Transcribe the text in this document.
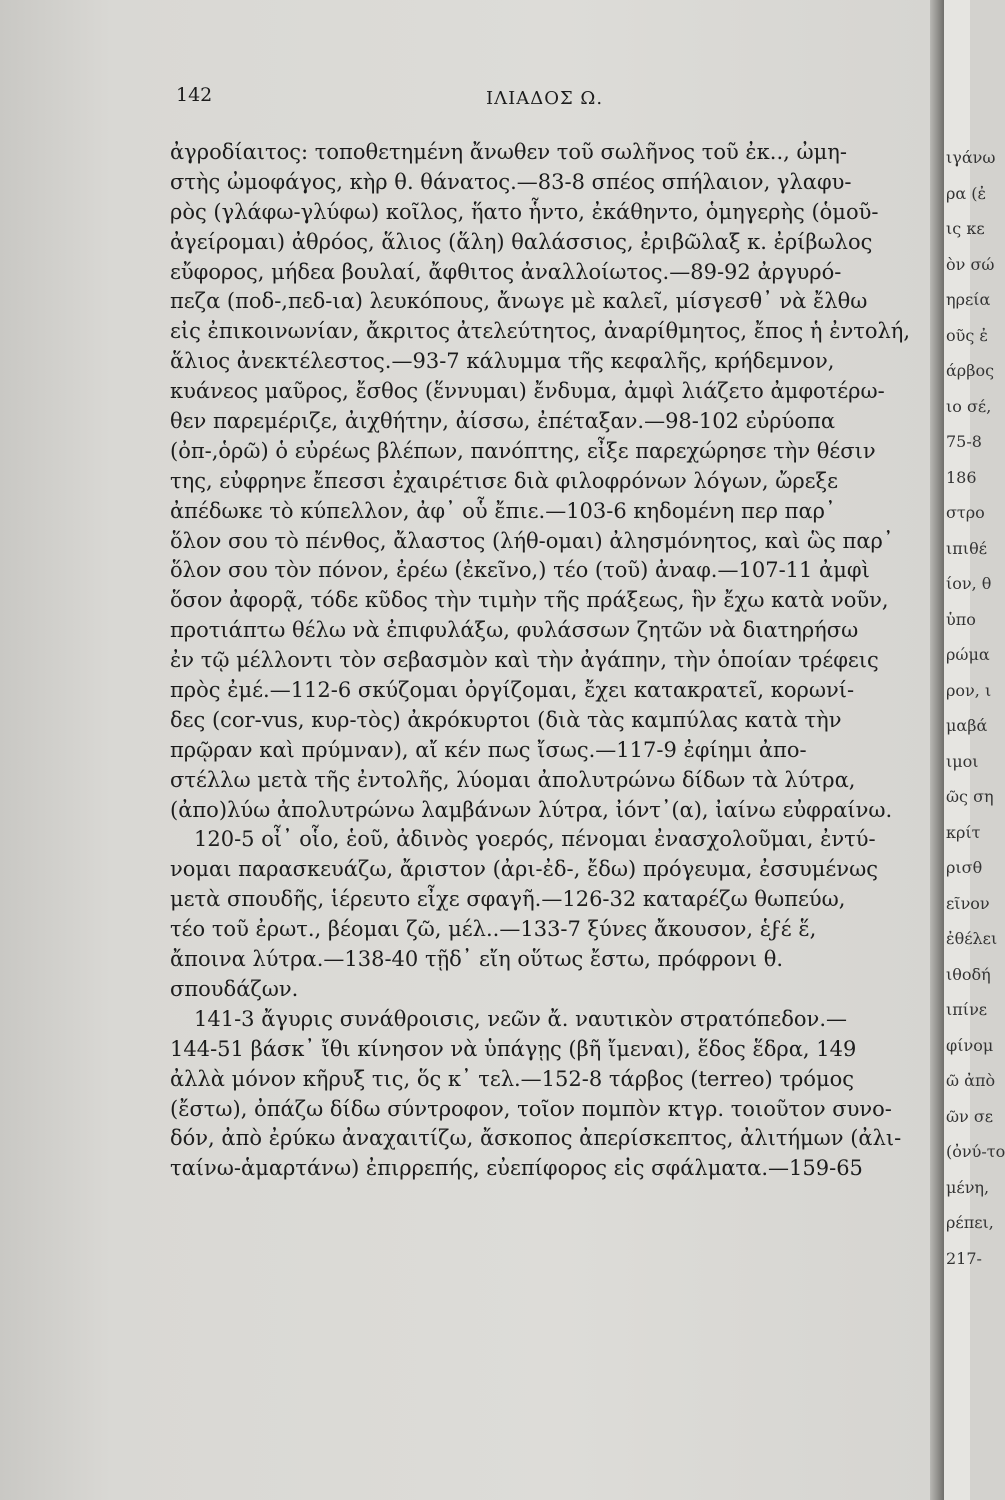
142	ΙΛΙΑΔΟΣ Ω.
ἀγροδίαιτος: τοποθετημένη ἄνωθεν τοῦ σωλῆνος τοῦ ἐκ.., ὠμη-
στὴς ὠμοφάγος, κὴρ θ. θάνατος.—83-8 σπέος σπήλαιον, γλαφυ-
ρὸς (γλάφω-γλύφω) κοῖλος, ἥατο ἧντο, ἐκάθηντο, ὁμηγερὴς (ὁμοῦ-
ἀγείρομαι) ἀθρόος, ἅλιος (ἅλη) θαλάσσιος, ἐριβῶλαξ κ. ἐρίβωλος
εὔφορος, μήδεα βουλαί, ἄφθιτος ἀναλλοίωτος.—89-92 ἀργυρό-
πεζα (ποδ-,πεδ-ια) λευκόπους, ἄνωγε μὲ καλεῖ, μίσγεσθ᾽ νὰ ἔλθω
εἰς ἐπικοινωνίαν, ἄκριτος ἀτελεύτητος, ἀναρίθμητος, ἔπος ἡ ἐντολή,
ἅλιος ἀνεκτέλεστος.—93-7 κάλυμμα τῆς κεφαλῆς, κρήδεμνον,
κυάνεος μαῦρος, ἔσθος (ἕννυμαι) ἔνδυμα, ἀμφὶ λιάζετο ἀμφοτέρω-
θεν παρεμέριζε, ἀιχθήτην, ἀίσσω, ἐπέταξαν.—98-102 εὐρύοπα
(ὀπ-,ὁρῶ) ὁ εὐρέως βλέπων, πανόπτης, εἶξε παρεχώρησε τὴν θέσιν
της, εὐφρηνε ἔπεσσι ἐχαιρέτισε διὰ φιλοφρόνων λόγων, ὤρεξε
ἀπέδωκε τὸ κύπελλον, ἀφ᾽ οὗ ἔπιε.—103-6 κηδομένη περ παρ᾽
ὅλον σου τὸ πένθος, ἄλαστος (λήθ-ομαι) ἀλησμόνητος, καὶ ὣς παρ᾽
ὅλον σου τὸν πόνον, ἐρέω (ἐκεῖνο,) τέο (τοῦ) ἀναφ.—107-11 ἀμφὶ
ὅσον ἀφορᾷ, τόδε κῦδος τὴν τιμὴν τῆς πράξεως, ἣν ἔχω κατὰ νοῦν,
προτιάπτω θέλω νὰ ἐπιφυλάξω, φυλάσσων ζητῶν νὰ διατηρήσω
ἐν τῷ μέλλοντι τὸν σεβασμὸν καὶ τὴν ἀγάπην, τὴν ὁποίαν τρέφεις
πρὸς ἐμέ.—112-6 σκύζομαι ὀργίζομαι, ἔχει κατακρατεῖ, κορωνί-
δες (cor-vus, κυρ-τὸς) ἀκρόκυρτοι (διὰ τὰς καμπύλας κατὰ τὴν
πρῷραν καὶ πρύμναν), αἴ κέν πως ἴσως.—117-9 ἐφίημι ἀπο-
στέλλω μετὰ τῆς ἐντολῆς, λύομαι ἀπολυτρώνω δίδων τὰ λύτρα,
(ἀπο)λύω ἀπολυτρώνω λαμβάνων λύτρα, ἰόντ᾽(α), ἰαίνω εὐφραίνω.
120-5 οἶ᾽ οἷο, ἑοῦ, ἀδινὸς γοερός, πένομαι ἐνασχολοῦμαι, ἐντύ-
νομαι παρασκευάζω, ἄριστον (ἀρι-ἐδ-, ἔδω) πρόγευμα, ἐσσυμένως
μετὰ σπουδῆς, ἱέρευτο εἶχε σφαγῆ.—126-32 καταρέζω θωπεύω,
τέο τοῦ ἐρωτ., βέομαι ζῶ, μέλ..—133-7 ξύνες ἄκουσον, ἑϝέ ἕ,
ἄποινα λύτρα.—138-40 τῇδ᾽ εἴη οὕτως ἔστω, πρόφρονι θ.
σπουδάζων.
141-3 ἄγυρις συνάθροισις, νεῶν ἄ. ναυτικὸν στρατόπεδον.—
144-51 βάσκ᾽ ἴθι κίνησον νὰ ὑπάγῃς (βῆ ἴμεναι), ἕδος ἕδρα, 149
ἀλλὰ μόνον κῆρυξ τις, ὅς κ᾽ τελ.—152-8 τάρβος (terreo) τρόμος
(ἔστω), ὀπάζω δίδω σύντροφον, τοῖον πομπὸν κτγρ. τοιοῦτον συνο-
δόν, ἀπὸ ἐρύκω ἀναχαιτίζω, ἄσκοπος ἀπερίσκεπτος, ἀλιτήμων (ἀλι-
ταίνω-ἁμαρτάνω) ἐπιρρεπής, εὐεπίφορος εἰς σφάλματα.—159-65
ιγάνω
ρα (ἐ
ις κε
ὸν σώ
ηρεία
οῦς ἐ
άρβος
ιο σέ,
75-8
186
στρο
ιπιθέ
ίον, θ
ὑπο
ρώμα
ρον, ι
μαβά
ιμοι
ῶς ση
κρίτ
ρισθ
εῖνον
ἐθέλει
ιθοδή
ιπίνε
φίνομ
ῶ ἀπὸ
ῶν σε
(ὀνύ-το
μένη,
ρέπει,
217-
